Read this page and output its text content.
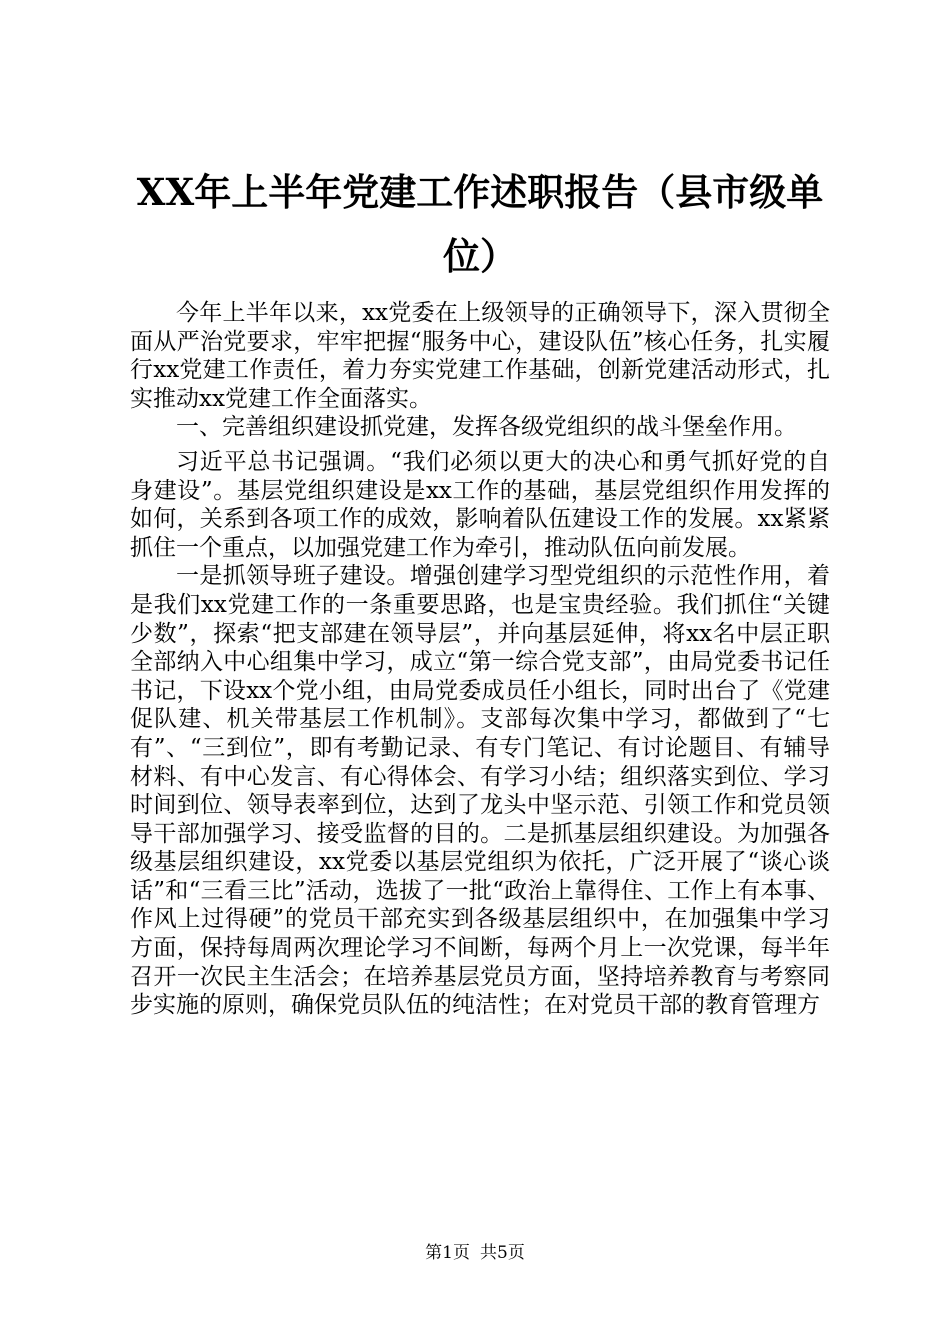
XX年上半年党建工作述职报告（县市级单
位）

今年上半年以来，xx党委在上级领导的正确领导下，深入贯彻全面从严治党要求，牢牢把握“服务中心，建设队伍”核心任务，扎实履行xx党建工作责任，着力夯实党建工作基础，创新党建活动形式，扎实推动xx党建工作全面落实。

一、完善组织建设抓党建，发挥各级党组织的战斗堡垒作用。

习近平总书记强调。“我们必须以更大的决心和勇气抓好党的自身建设”。基层党组织建设是xx工作的基础，基层党组织作用发挥的如何，关系到各项工作的成效，影响着队伍建设工作的发展。xx紧紧抓住一个重点，以加强党建工作为牵引，推动队伍向前发展。

一是抓领导班子建设。增强创建学习型党组织的示范性作用，着是我们xx党建工作的一条重要思路，也是宝贵经验。我们抓住“关键少数”，探索“把支部建在领导层”，并向基层延伸，将xx名中层正职全部纳入中心组集中学习，成立“第一综合党支部”，由局党委书记任书记，下设xx个党小组，由局党委成员任小组长，同时出台了《党建促队建、机关带基层工作机制》。支部每次集中学习，都做到了“七有”、“三到位”，即有考勤记录、有专门笔记、有讨论题目、有辅导材料、有中心发言、有心得体会、有学习小结；组织落实到位、学习时间到位、领导表率到位，达到了龙头中坚示范、引领工作和党员领导干部加强学习、接受监督的目的。二是抓基层组织建设。为加强各级基层组织建设，xx党委以基层党组织为依托，广泛开展了“谈心谈话”和“三看三比”活动，选拔了一批“政治上靠得住、工作上有本事、作风上过得硬”的党员干部充实到各级基层组织中，在加强集中学习方面，保持每周两次理论学习不间断，每两个月上一次党课，每半年召开一次民主生活会；在培养基层党员方面，坚持培养教育与考察同步实施的原则，确保党员队伍的纯洁性；在对党员干部的教育管理方

第1页 共5页
